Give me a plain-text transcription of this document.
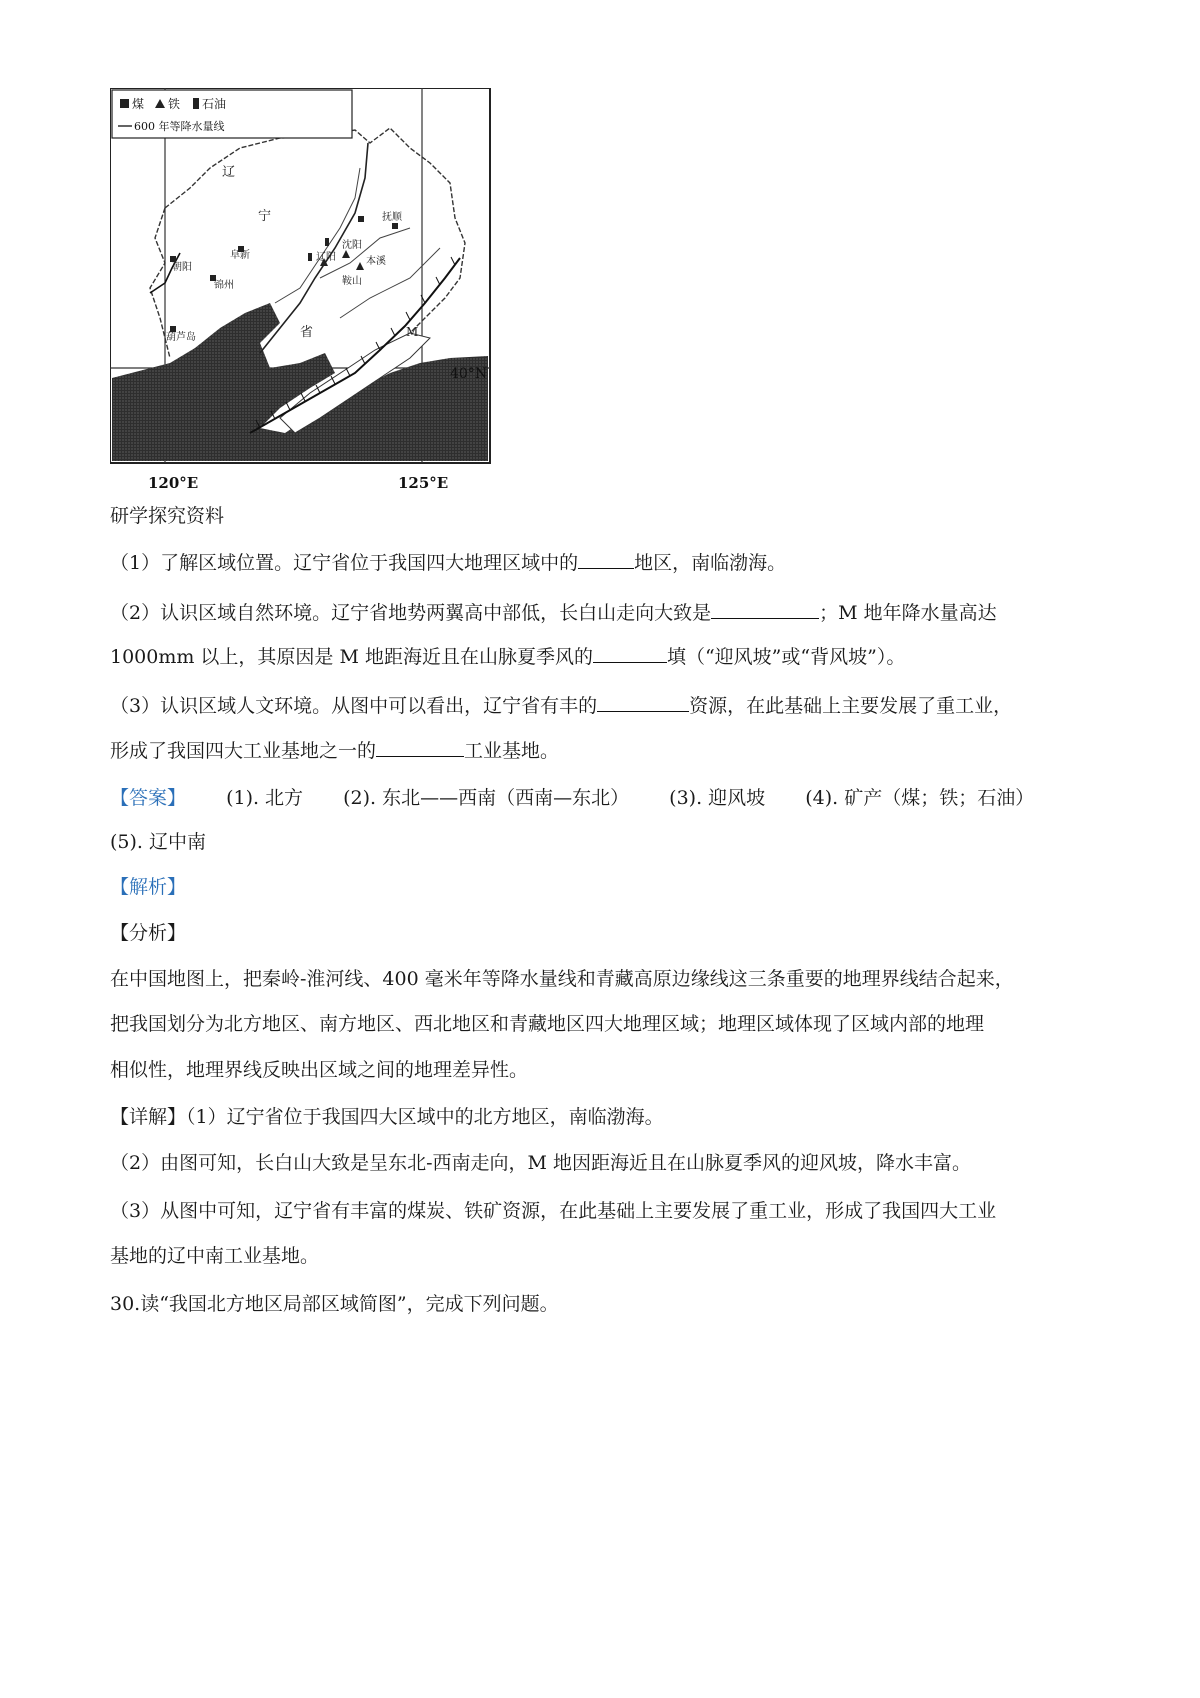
煤 铁 石油
600 年等降水量线
辽
宁
省
沈阳
抚顺
本溪
辽阳
鞍山
锦州
阜新
朝阳
葫芦岛	M
40°N
120°E	125°E
研学探究资料
（1）了解区域位置。辽宁省位于我国四大地理区域中的	地区，南临渤海。
（2）认识区域自然环境。辽宁省地势两翼高中部低，长白山走向大致是	；M 地年降水量高达
1000mm 以上，其原因是 M 地距海近且在山脉夏季风的	填（“迎风坡”或“背风坡”）。
（3）认识区域人文环境。从图中可以看出，辽宁省有丰的	资源，在此基础上主要发展了重工业，
形成了我国四大工业基地之一的	工业基地。
【答案】 (1). 北方 (2). 东北——西南（西南—东北） (3). 迎风坡 (4). 矿产（煤；铁；石油）
(5). 辽中南
【解析】
【分析】
在中国地图上，把秦岭-淮河线、400 毫米年等降水量线和青藏高原边缘线这三条重要的地理界线结合起来，
把我国划分为北方地区、南方地区、西北地区和青藏地区四大地理区域；地理区域体现了区域内部的地理
相似性，地理界线反映出区域之间的地理差异性。
【详解】（1）辽宁省位于我国四大区域中的北方地区，南临渤海。
（2）由图可知，长白山大致是呈东北-西南走向，M 地因距海近且在山脉夏季风的迎风坡，降水丰富。
（3）从图中可知，辽宁省有丰富的煤炭、铁矿资源，在此基础上主要发展了重工业，形成了我国四大工业
基地的辽中南工业基地。
30.读“我国北方地区局部区域简图”，完成下列问题。
